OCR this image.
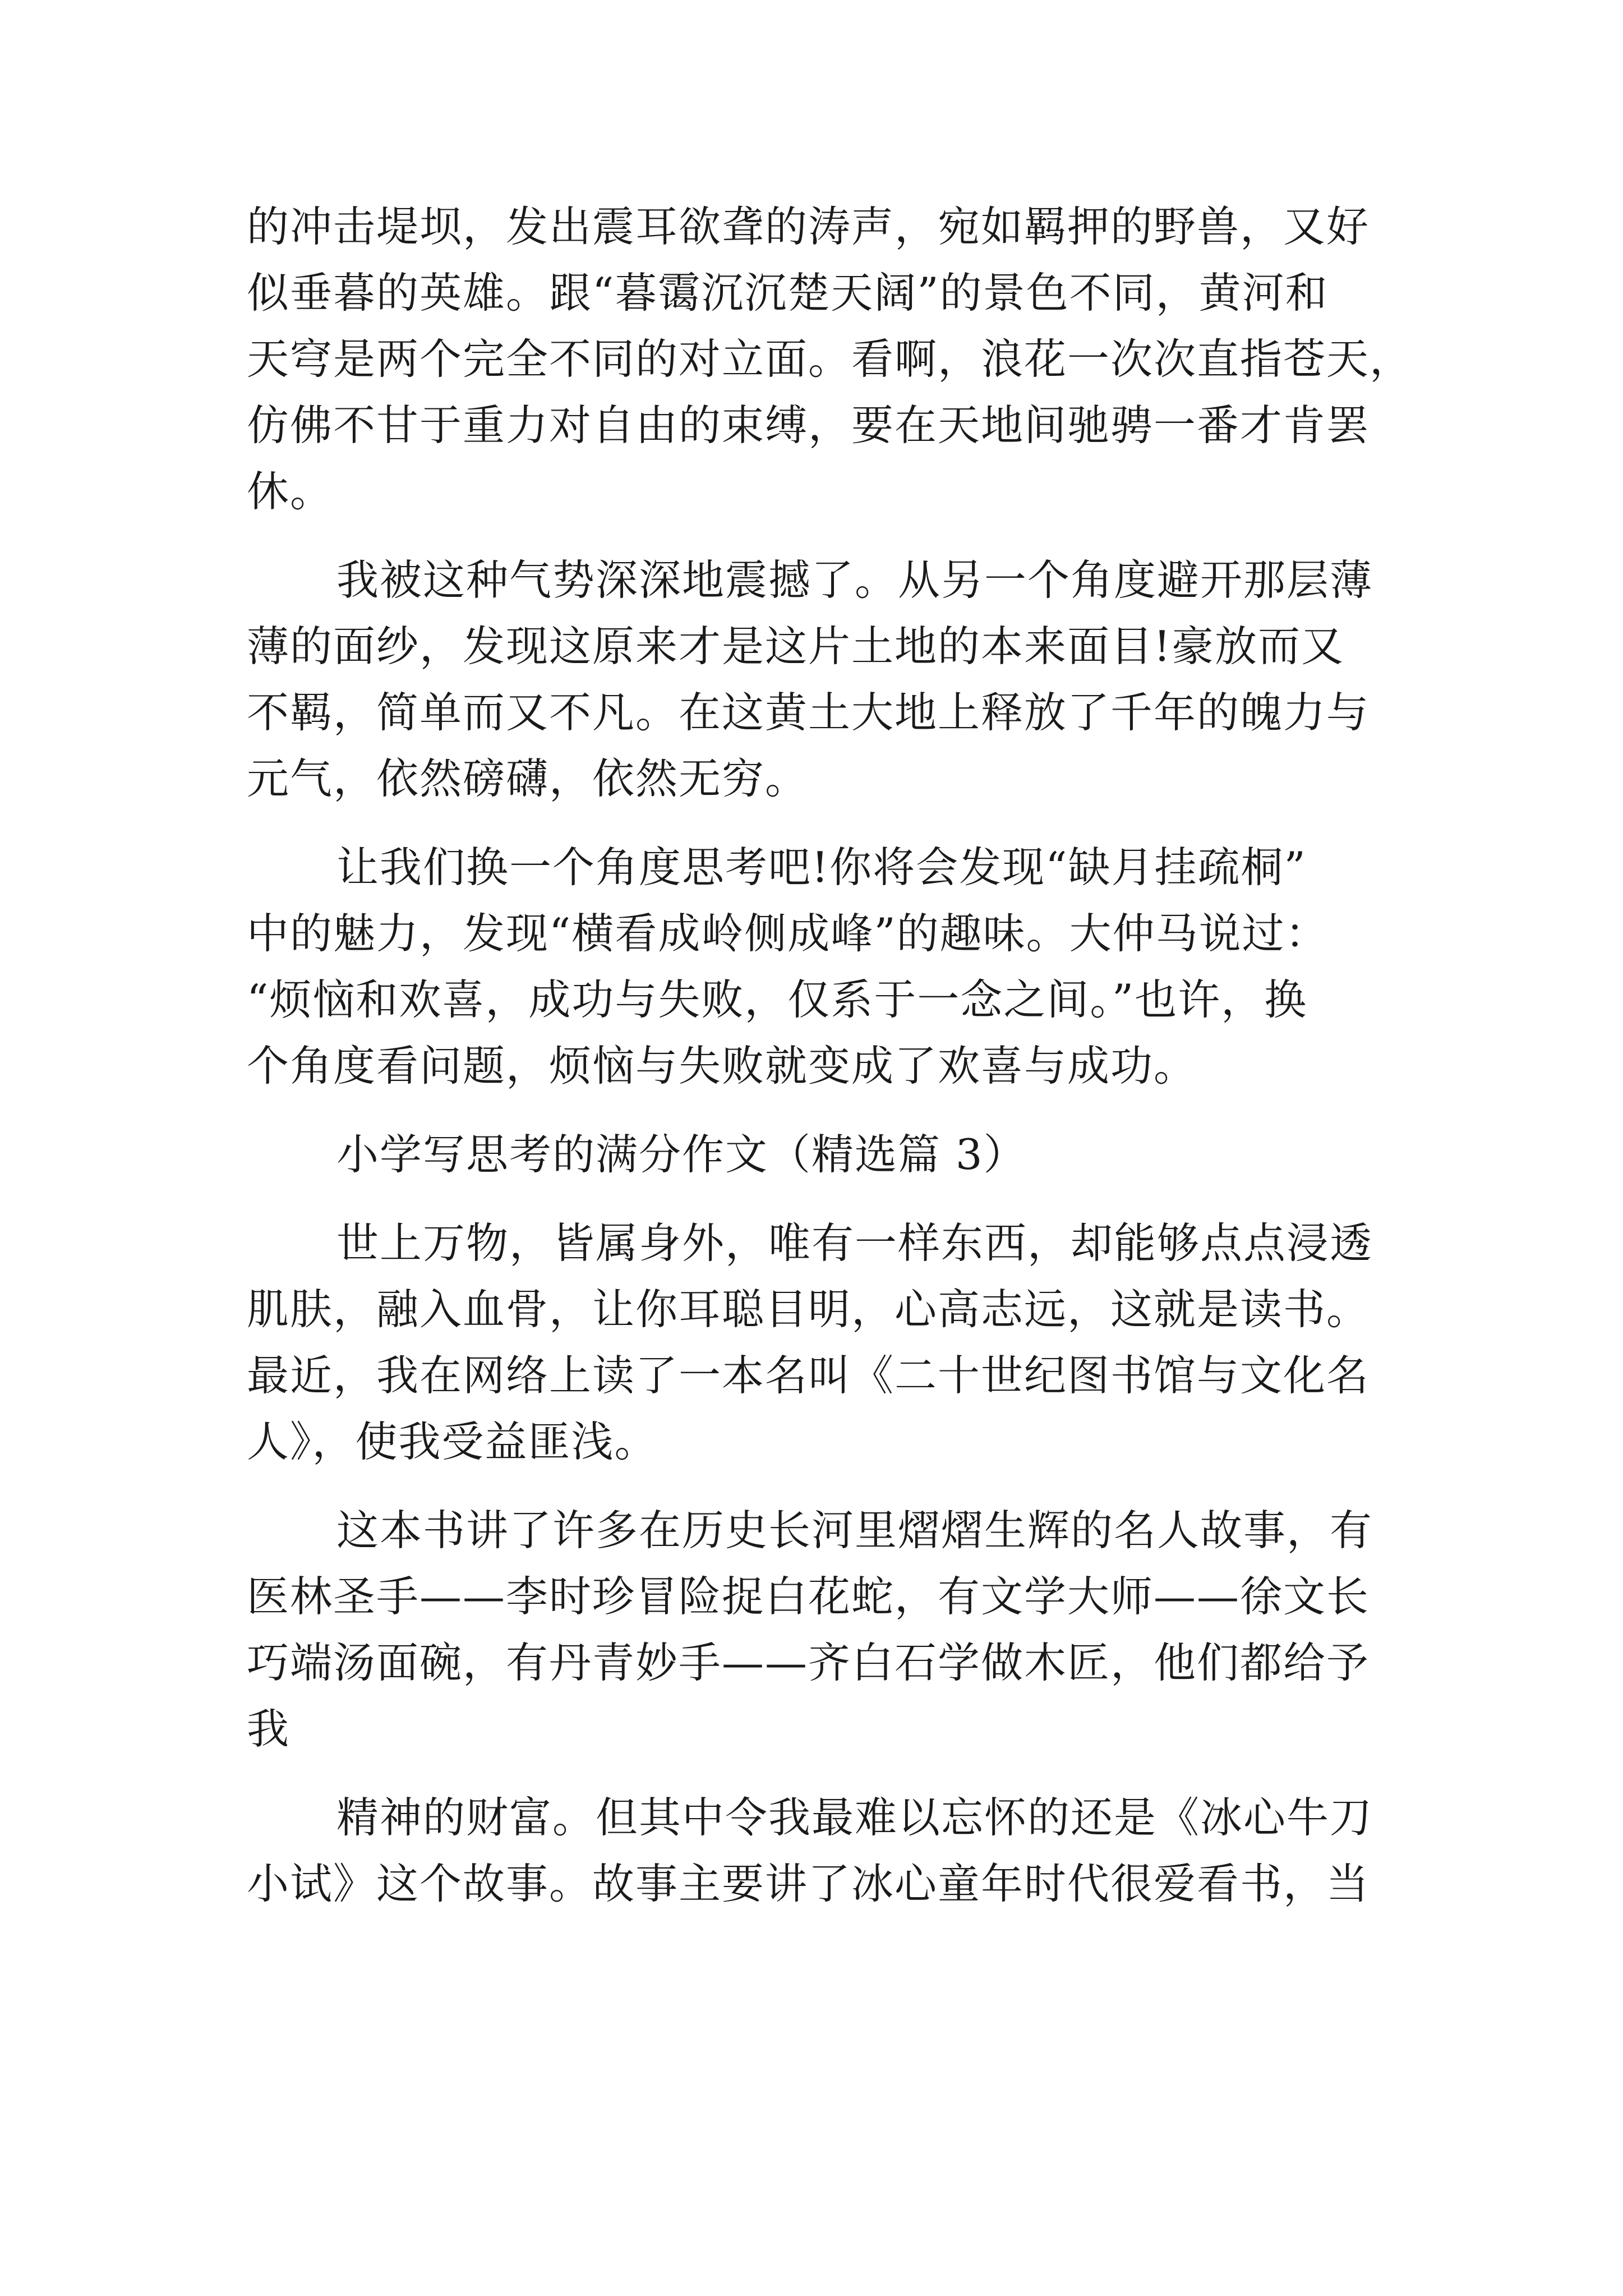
的冲击堤坝，发出震耳欲聋的涛声，宛如羁押的野兽，又好
似垂暮的英雄。跟“暮霭沉沉楚天阔”的景色不同，黄河和
天穹是两个完全不同的对立面。看啊，浪花一次次直指苍天，
仿佛不甘于重力对自由的束缚，要在天地间驰骋一番才肯罢
休。
我被这种气势深深地震撼了。从另一个角度避开那层薄
薄的面纱，发现这原来才是这片土地的本来面目!豪放而又
不羁，简单而又不凡。在这黄土大地上释放了千年的魄力与
元气，依然磅礴，依然无穷。
让我们换一个角度思考吧!你将会发现“缺月挂疏桐”
中的魅力，发现“横看成岭侧成峰”的趣味。大仲马说过：
“烦恼和欢喜，成功与失败，仅系于一念之间。”也许，换
个角度看问题，烦恼与失败就变成了欢喜与成功。
小学写思考的满分作文（精选篇 3）
世上万物，皆属身外，唯有一样东西，却能够点点浸透
肌肤，融入血骨，让你耳聪目明，心高志远，这就是读书。
最近，我在网络上读了一本名叫《二十世纪图书馆与文化名
人》，使我受益匪浅。
这本书讲了许多在历史长河里熠熠生辉的名人故事，有
医林圣手——李时珍冒险捉白花蛇，有文学大师——徐文长
巧端汤面碗，有丹青妙手——齐白石学做木匠，他们都给予
我
精神的财富。但其中令我最难以忘怀的还是《冰心牛刀
小试》这个故事。故事主要讲了冰心童年时代很爱看书，当
